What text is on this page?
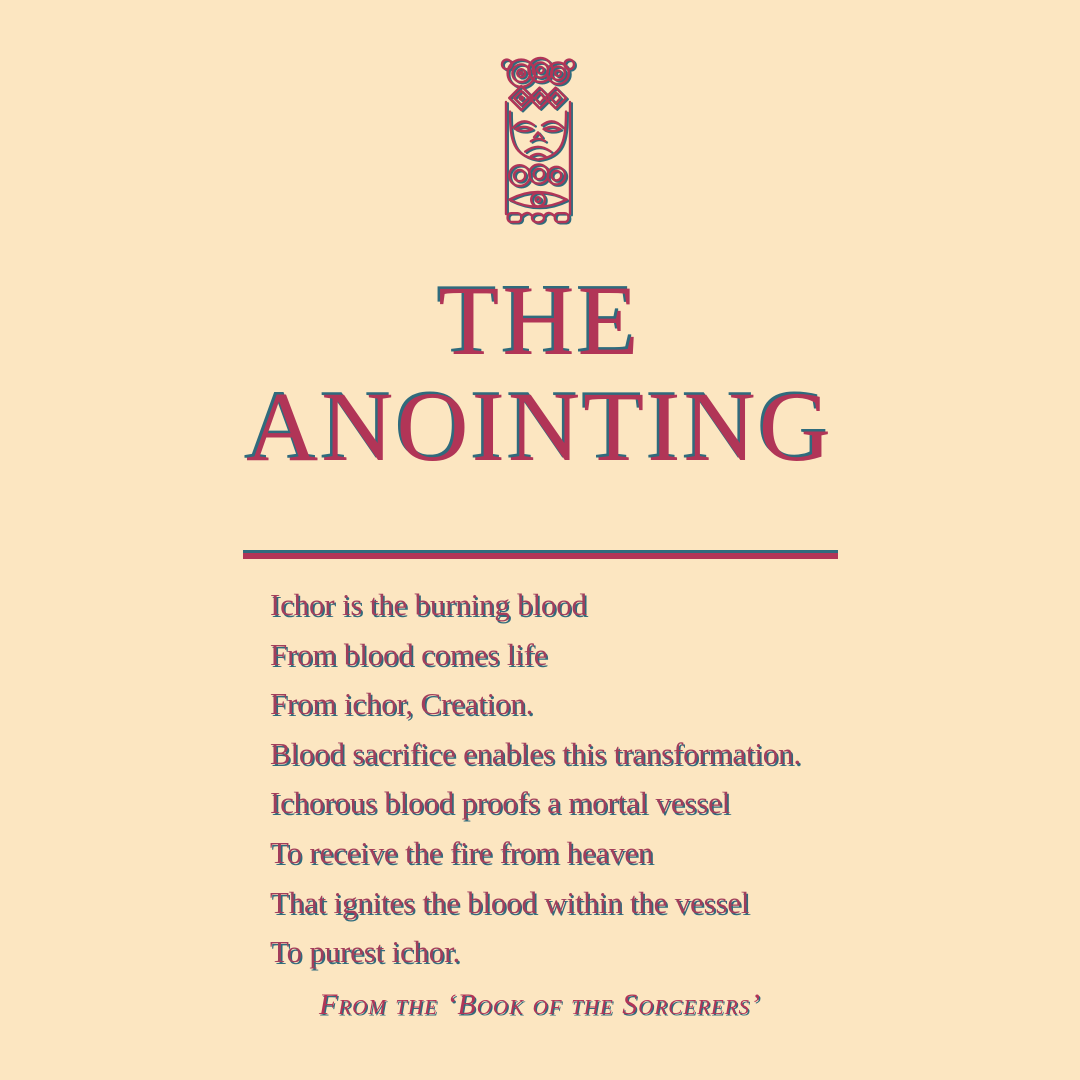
THE
ANOINTING
Ichor is the burning blood
From blood comes life
From ichor, Creation.
Blood sacrifice enables this transformation.
Ichorous blood proofs a mortal vessel
To receive the fire from heaven
That ignites the blood within the vessel
To purest ichor.
From the ‘Book of the Sorcerers’
